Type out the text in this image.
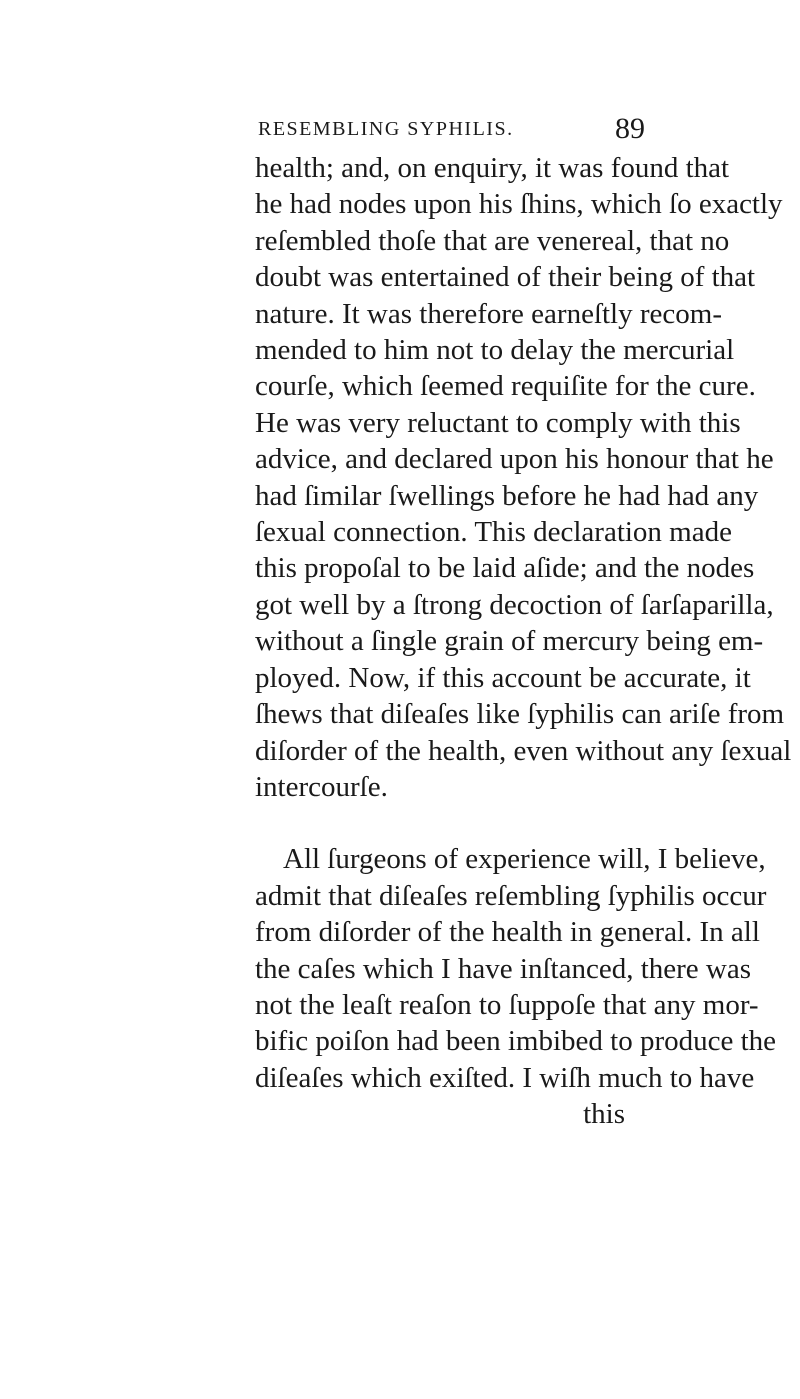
RESEMBLING SYPHILIS.	89
health; and, on enquiry, it was found that
he had nodes upon his ſhins, which ſo exactly
reſembled thoſe that are venereal, that no
doubt was entertained of their being of that
nature. It was therefore earneſtly recom-
mended to him not to delay the mercurial
courſe, which ſeemed requiſite for the cure.
He was very reluctant to comply with this
advice, and declared upon his honour that he
had ſimilar ſwellings before he had had any
ſexual connection. This declaration made
this propoſal to be laid aſide; and the nodes
got well by a ſtrong decoction of ſarſaparilla,
without a ſingle grain of mercury being em-
ployed. Now, if this account be accurate, it
ſhews that diſeaſes like ſyphilis can ariſe from
diſorder of the health, even without any ſexual
intercourſe.
All ſurgeons of experience will, I believe,
admit that diſeaſes reſembling ſyphilis occur
from diſorder of the health in general. In all
the caſes which I have inſtanced, there was
not the leaſt reaſon to ſuppoſe that any mor-
bific poiſon had been imbibed to produce the
diſeaſes which exiſted. I wiſh much to have
this
